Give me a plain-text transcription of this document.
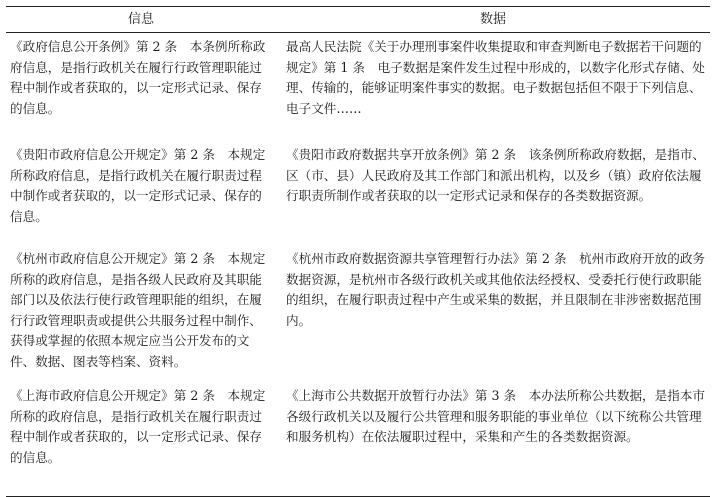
信息	数据
《政府信息公开条例》第 2 条　本条例所称政府信息，是指行政机关在履行行政管理职能过程中制作或者获取的，以一定形式记录、保存的信息。
最高人民法院《关于办理刑事案件收集提取和审查判断电子数据若干问题的规定》第 1 条　电子数据是案件发生过程中形成的，以数字化形式存储、处理、传输的，能够证明案件事实的数据。电子数据包括但不限于下列信息、电子文件……
《贵阳市政府信息公开规定》第 2 条　本规定所称政府信息，是指行政机关在履行职责过程中制作或者获取的，以一定形式记录、保存的信息。
《贵阳市政府数据共享开放条例》第 2 条　该条例所称政府数据，是指市、区（市、县）人民政府及其工作部门和派出机构，以及乡（镇）政府依法履行职责所制作或者获取的以一定形式记录和保存的各类数据资源。
《杭州市政府信息公开规定》第 2 条　本规定所称的政府信息，是指各级人民政府及其职能部门以及依法行使行政管理职能的组织，在履行行政管理职责或提供公共服务过程中制作、获得或掌握的依照本规定应当公开发布的文件、数据、图表等档案、资料。
《杭州市政府数据资源共享管理暂行办法》第 2 条　杭州市政府开放的政务数据资源，是杭州市各级行政机关或其他依法经授权、受委托行使行政职能的组织，在履行职责过程中产生或采集的数据，并且限制在非涉密数据范围内。
《上海市政府信息公开规定》第 2 条　本规定所称的政府信息，是指行政机关在履行职责过程中制作或者获取的，以一定形式记录、保存的信息。
《上海市公共数据开放暂行办法》第 3 条　本办法所称公共数据，是指本市各级行政机关以及履行公共管理和服务职能的事业单位（以下统称公共管理和服务机构）在依法履职过程中，采集和产生的各类数据资源。
